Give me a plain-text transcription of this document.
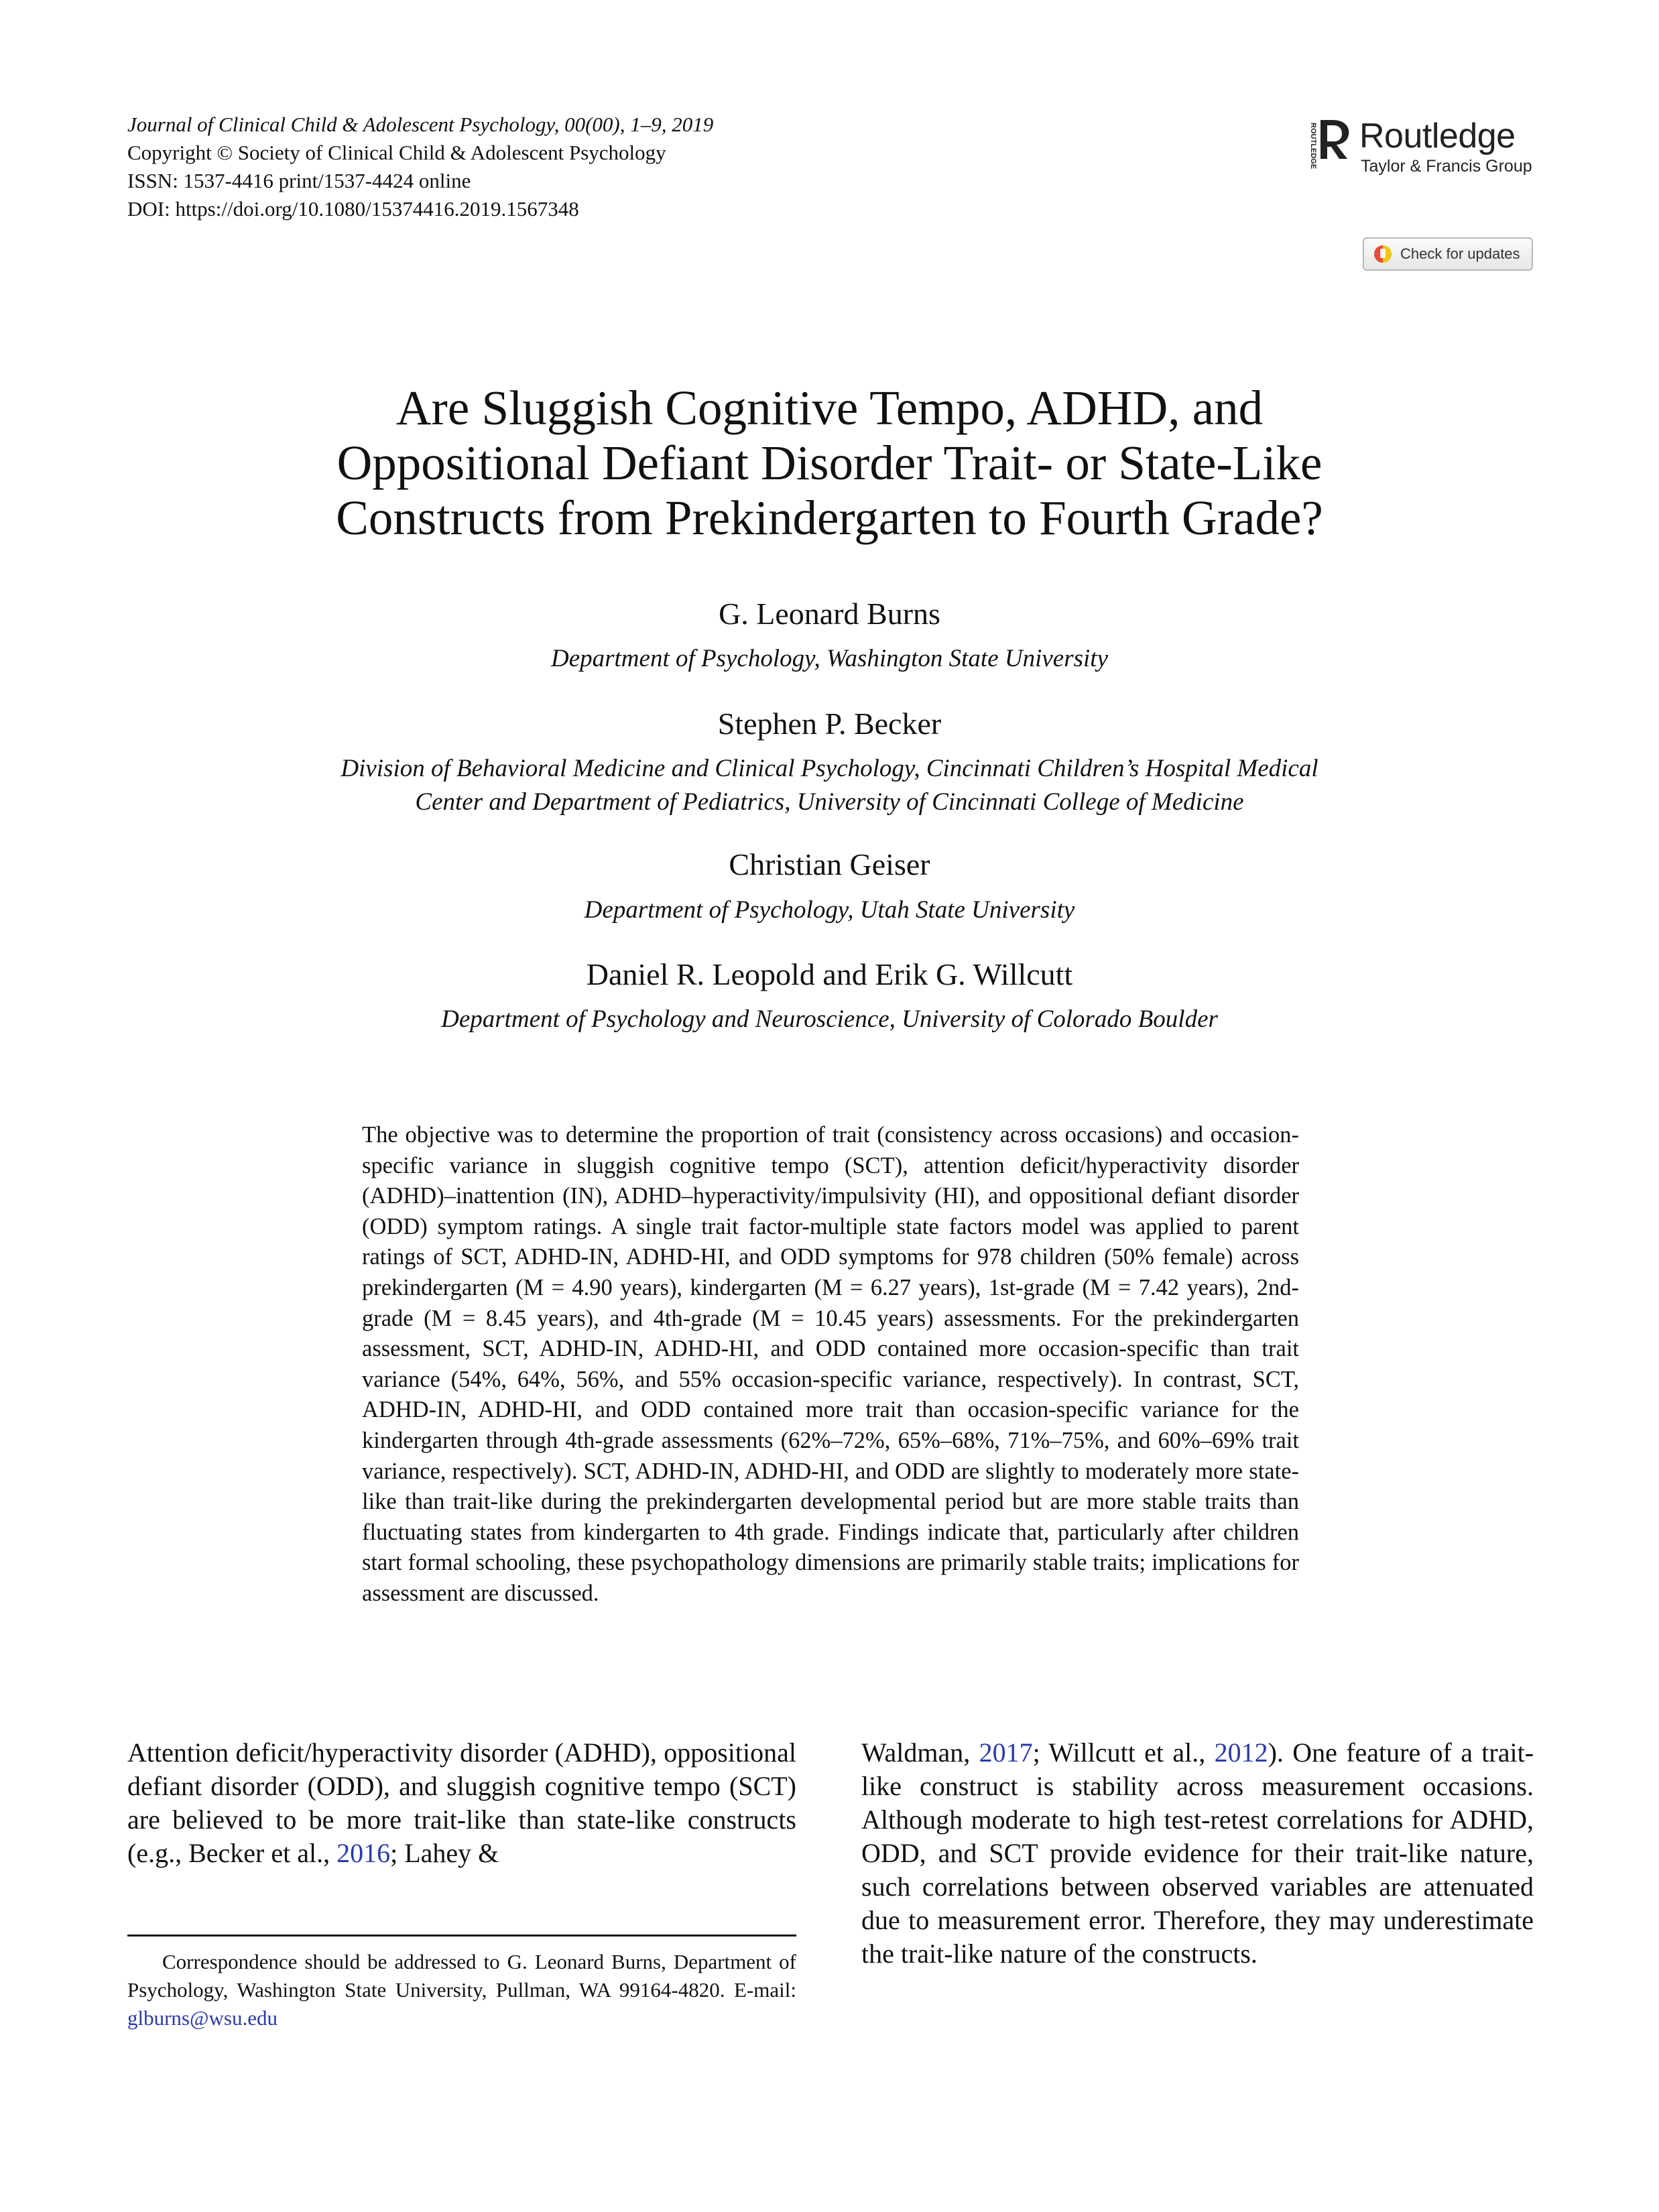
Journal of Clinical Child & Adolescent Psychology, 00(00), 1–9, 2019
Copyright © Society of Clinical Child & Adolescent Psychology
ISSN: 1537-4416 print/1537-4424 online
DOI: https://doi.org/10.1080/15374416.2019.1567348
ROUTLEDGE Routledge
Taylor & Francis Group
Check for updates
Are Sluggish Cognitive Tempo, ADHD, and
Oppositional Defiant Disorder Trait- or State-Like
Constructs from Prekindergarten to Fourth Grade?
G. Leonard Burns
Department of Psychology, Washington State University
Stephen P. Becker
Division of Behavioral Medicine and Clinical Psychology, Cincinnati Children’s Hospital Medical
Center and Department of Pediatrics, University of Cincinnati College of Medicine
Christian Geiser
Department of Psychology, Utah State University
Daniel R. Leopold and Erik G. Willcutt
Department of Psychology and Neuroscience, University of Colorado Boulder
The objective was to determine the proportion of trait (consistency across occasions) and occasion-specific variance in sluggish cognitive tempo (SCT), attention deficit/hyperactivity disorder (ADHD)–inattention (IN), ADHD–hyperactivity/impulsivity (HI), and oppositional defiant disorder (ODD) symptom ratings. A single trait factor-multiple state factors model was applied to parent ratings of SCT, ADHD-IN, ADHD-HI, and ODD symptoms for 978 children (50% female) across prekindergarten (M = 4.90 years), kindergarten (M = 6.27 years), 1st-grade (M = 7.42 years), 2nd-grade (M = 8.45 years), and 4th-grade (M = 10.45 years) assessments. For the prekindergarten assessment, SCT, ADHD-IN, ADHD-HI, and ODD contained more occasion-specific than trait variance (54%, 64%, 56%, and 55% occasion-specific variance, respectively). In contrast, SCT, ADHD-IN, ADHD-HI, and ODD contained more trait than occasion-specific variance for the kindergarten through 4th-grade assessments (62%–72%, 65%–68%, 71%–75%, and 60%–69% trait variance, respectively). SCT, ADHD-IN, ADHD-HI, and ODD are slightly to moderately more state-like than trait-like during the prekindergarten developmental period but are more stable traits than fluctuating states from kindergarten to 4th grade. Findings indicate that, particularly after children start formal schooling, these psychopathology dimensions are primarily stable traits; implications for assessment are discussed.
Attention deficit/hyperactivity disorder (ADHD), oppositional defiant disorder (ODD), and sluggish cognitive tempo (SCT) are believed to be more trait-like than state-like constructs (e.g., Becker et al., 2016; Lahey &
Correspondence should be addressed to G. Leonard Burns, Department of Psychology, Washington State University, Pullman, WA 99164-4820. E-mail: glburns@wsu.edu
Waldman, 2017; Willcutt et al., 2012). One feature of a trait-like construct is stability across measurement occasions. Although moderate to high test-retest correlations for ADHD, ODD, and SCT provide evidence for their trait-like nature, such correlations between observed variables are attenuated due to measurement error. Therefore, they may underestimate the trait-like nature of the constructs.
